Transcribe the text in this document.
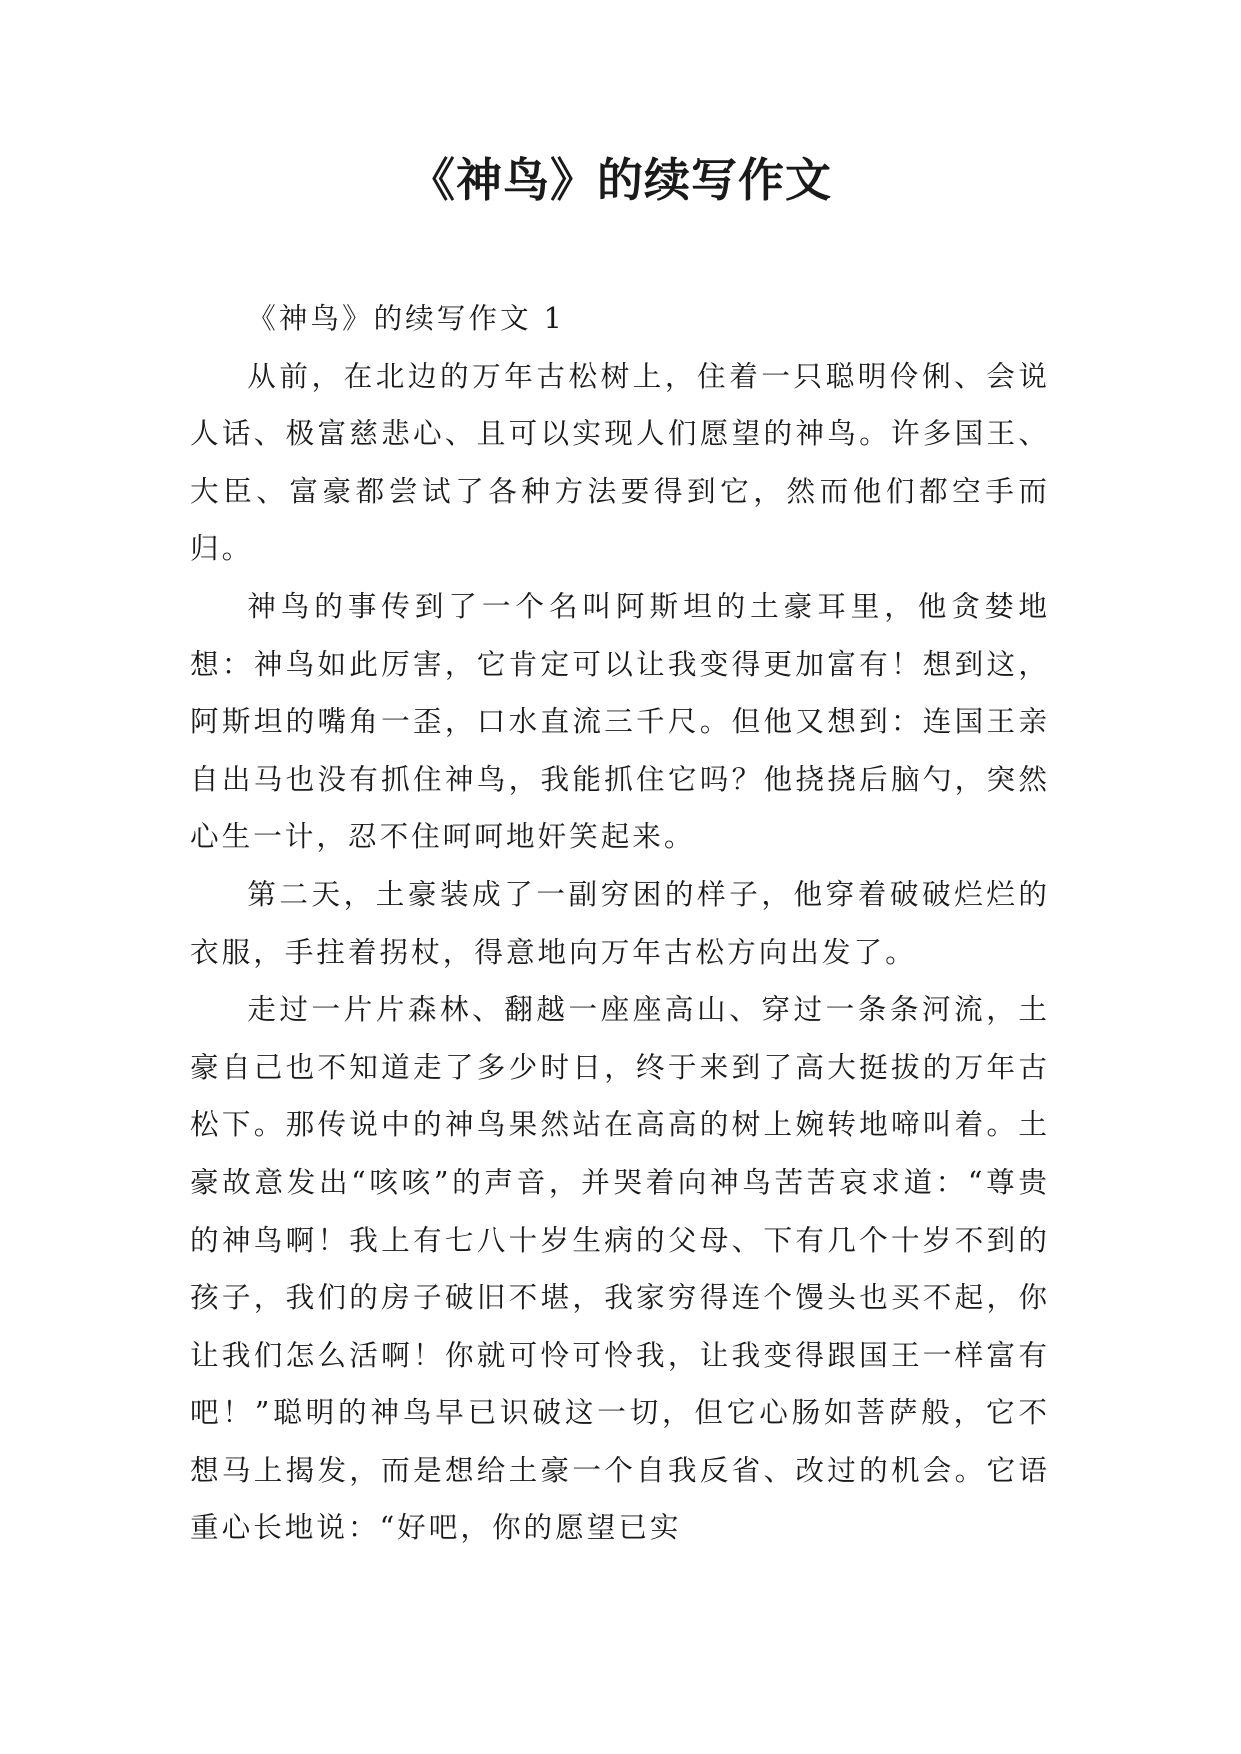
《神鸟》的续写作文

《神鸟》的续写作文 1

从前，在北边的万年古松树上，住着一只聪明伶俐、会说人话、极富慈悲心、且可以实现人们愿望的神鸟。许多国王、大臣、富豪都尝试了各种方法要得到它，然而他们都空手而归。

神鸟的事传到了一个名叫阿斯坦的土豪耳里，他贪婪地想：神鸟如此厉害，它肯定可以让我变得更加富有！想到这，阿斯坦的嘴角一歪，口水直流三千尺。但他又想到：连国王亲自出马也没有抓住神鸟，我能抓住它吗？他挠挠后脑勺，突然心生一计，忍不住呵呵地奸笑起来。

第二天，土豪装成了一副穷困的样子，他穿着破破烂烂的衣服，手拄着拐杖，得意地向万年古松方向出发了。

走过一片片森林、翻越一座座高山、穿过一条条河流，土豪自己也不知道走了多少时日，终于来到了高大挺拔的万年古松下。那传说中的神鸟果然站在高高的树上婉转地啼叫着。土豪故意发出“咳咳”的声音，并哭着向神鸟苦苦哀求道：“尊贵的神鸟啊！我上有七八十岁生病的父母、下有几个十岁不到的孩子，我们的房子破旧不堪，我家穷得连个馒头也买不起，你让我们怎么活啊！你就可怜可怜我，让我变得跟国王一样富有吧！”聪明的神鸟早已识破这一切，但它心肠如菩萨般，它不想马上揭发，而是想给土豪一个自我反省、改过的机会。它语重心长地说：“好吧，你的愿望已实
